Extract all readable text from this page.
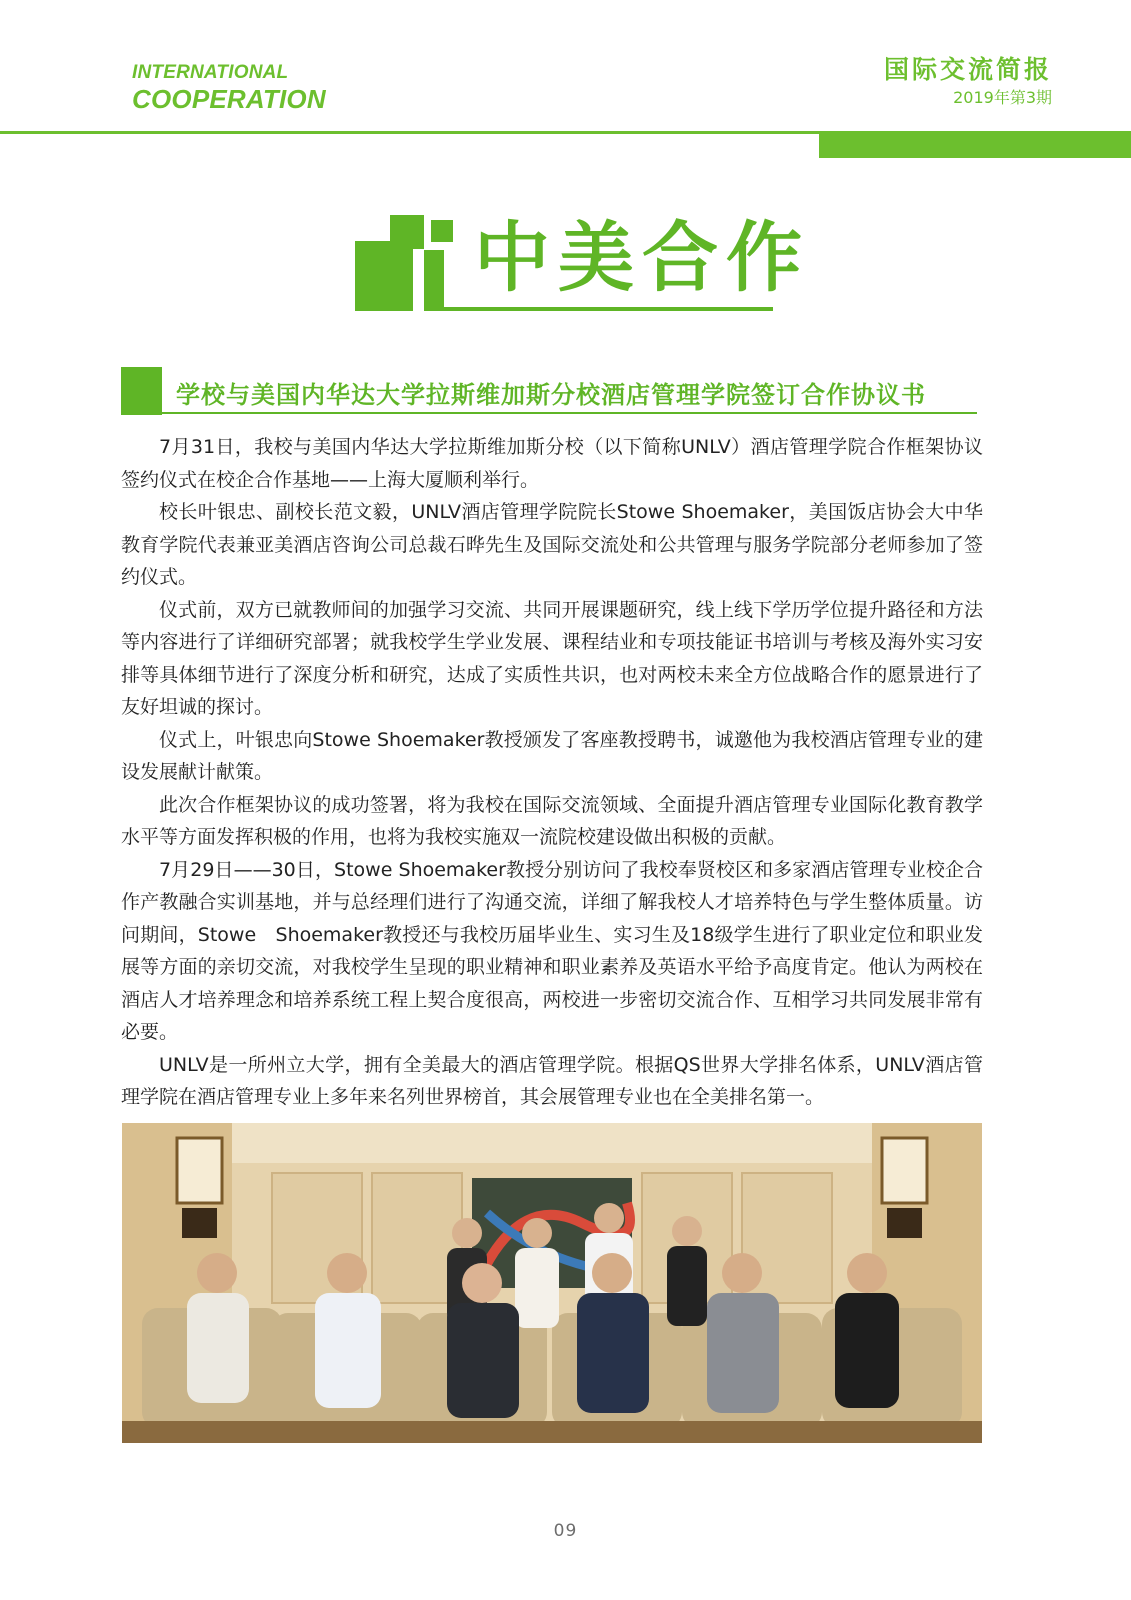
INTERNATIONAL
COOPERATION
国际交流简报
2019年第3期
中美合作
学校与美国内华达大学拉斯维加斯分校酒店管理学院签订合作协议书

7月31日，我校与美国内华达大学拉斯维加斯分校（以下简称UNLV）酒店管理学院合作框架协议签约仪式在校企合作基地——上海大厦顺利举行。

校长叶银忠、副校长范文毅，UNLV酒店管理学院院长Stowe Shoemaker，美国饭店协会大中华教育学院代表兼亚美酒店咨询公司总裁石晔先生及国际交流处和公共管理与服务学院部分老师参加了签约仪式。

仪式前，双方已就教师间的加强学习交流、共同开展课题研究，线上线下学历学位提升路径和方法等内容进行了详细研究部署；就我校学生学业发展、课程结业和专项技能证书培训与考核及海外实习安排等具体细节进行了深度分析和研究，达成了实质性共识，也对两校未来全方位战略合作的愿景进行了友好坦诚的探讨。

仪式上，叶银忠向Stowe Shoemaker教授颁发了客座教授聘书，诚邀他为我校酒店管理专业的建设发展献计献策。

此次合作框架协议的成功签署，将为我校在国际交流领域、全面提升酒店管理专业国际化教育教学水平等方面发挥积极的作用，也将为我校实施双一流院校建设做出积极的贡献。

7月29日——30日，Stowe Shoemaker教授分别访问了我校奉贤校区和多家酒店管理专业校企合作产教融合实训基地，并与总经理们进行了沟通交流，详细了解我校人才培养特色与学生整体质量。访问期间，Stowe　Shoemaker教授还与我校历届毕业生、实习生及18级学生进行了职业定位和职业发展等方面的亲切交流，对我校学生呈现的职业精神和职业素养及英语水平给予高度肯定。他认为两校在酒店人才培养理念和培养系统工程上契合度很高，两校进一步密切交流合作、互相学习共同发展非常有必要。

UNLV是一所州立大学，拥有全美最大的酒店管理学院。根据QS世界大学排名体系，UNLV酒店管理学院在酒店管理专业上多年来名列世界榜首，其会展管理专业也在全美排名第一。

09
